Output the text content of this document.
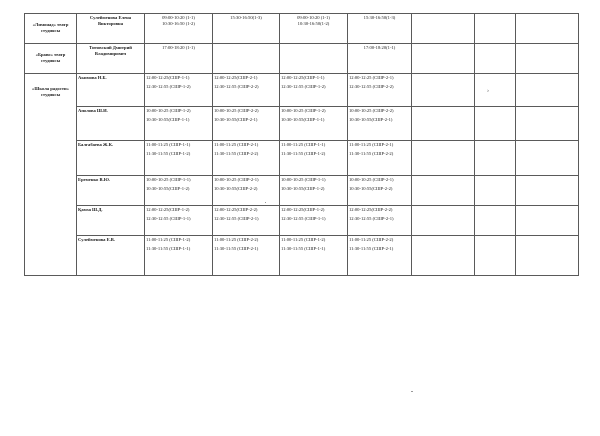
«Лимонад» театр студиясы	Сулейменова Елена Викторовна	09:00-10:20 (1-1)
10:30-16:50 (1-2)	15:30-16:50(1-3)	09:00-10:20 (1-1)
10:30-16:50(1-2)	15:30-16:50(1-3)			

«Браво» театр студиясы	Титовский Дмитрий Владимирович	17:00-18:20 (1-1)			17:00-18:20(1-1)			

«Школа радости» студиясы	Акимова Н.Б.	12:00-12:25(СШР-1-1)
12:30-12:55 (СШР-1-2)	12:00-12:25(СШР-2-1)
12:30-12:55 (СШР-2-2)	12:00-12:25(СШР-1-1)
12:30-12:55 (СШР-1-2)	12:00-12:25 (СШР-2-1)
12:30-12:55 (СШР-2-2)			

	Аполова Ш.И.	10:00-10:25 (СШР-1-2)
10:30-10:55(СШР-1-1)	10:00-10:25 (СШР-2-2)
10:30-10:55(СШР-2-1)	10:00-10:25 (СШР-1-2)
10:30-10:55(СШР-1-1)	10:00-10:25 (СШР-2-2)
10:30-10:55(СШР-2-1)			

	Балгабаева Ж.К.	11:00-11:25 (СШР-1-1)
11:30-11:55 (СШР-1-2)	11:00-11:25 (СШР-2-1)
11:30-11:55 (СШР-2-2)	11:00-11:25 (СШР-1-1)
11:30-11:55 (СШР-1-2)	11:00-11:25 (СШР-2-1)
11:30-11:55 (СШР-2-2)			

	Еременко В.Ю.	10:00-10:25 (СШР-1-1)
10:30-10:55(СШР-1-2)	10:00-10:25 (СШР-2-1)
10:30-10:55(СШР-2-2)	10:00-10:25 (СШР-1-1)
10:30-10:55(СШР-1-2)	10:00-10:25 (СШР-2-1)
10:30-10:55(СШР-2-2)			

	Қамза Ш.Д.	12:00-12:25(СШР-1-2)
12:30-12:55 (СШР-1-1)	12:00-12:25(СШР-2-2)
12:30-12:55 (СШР-2-1)	12:00-12:25(СШР-1-2)
12:30-12:55 (СШР-1-1)	12:00-12:25(СШР-2-2)
12:30-12:55 (СШР-2-1)			

	Сулейменова Е.В.	11:00-11:25 (СШР-1-2)
11:30-11:55 (СШР-1-1)	11:00-11:25 (СШР-2-2)
11:30-11:55 (СШР-2-1)	11:00-11:25 (СШР-1-2)
11:30-11:55 (СШР-1-1)	11:00-11:25 (СШР-2-2)
11:30-11:55 (СШР-2-1)			

›
